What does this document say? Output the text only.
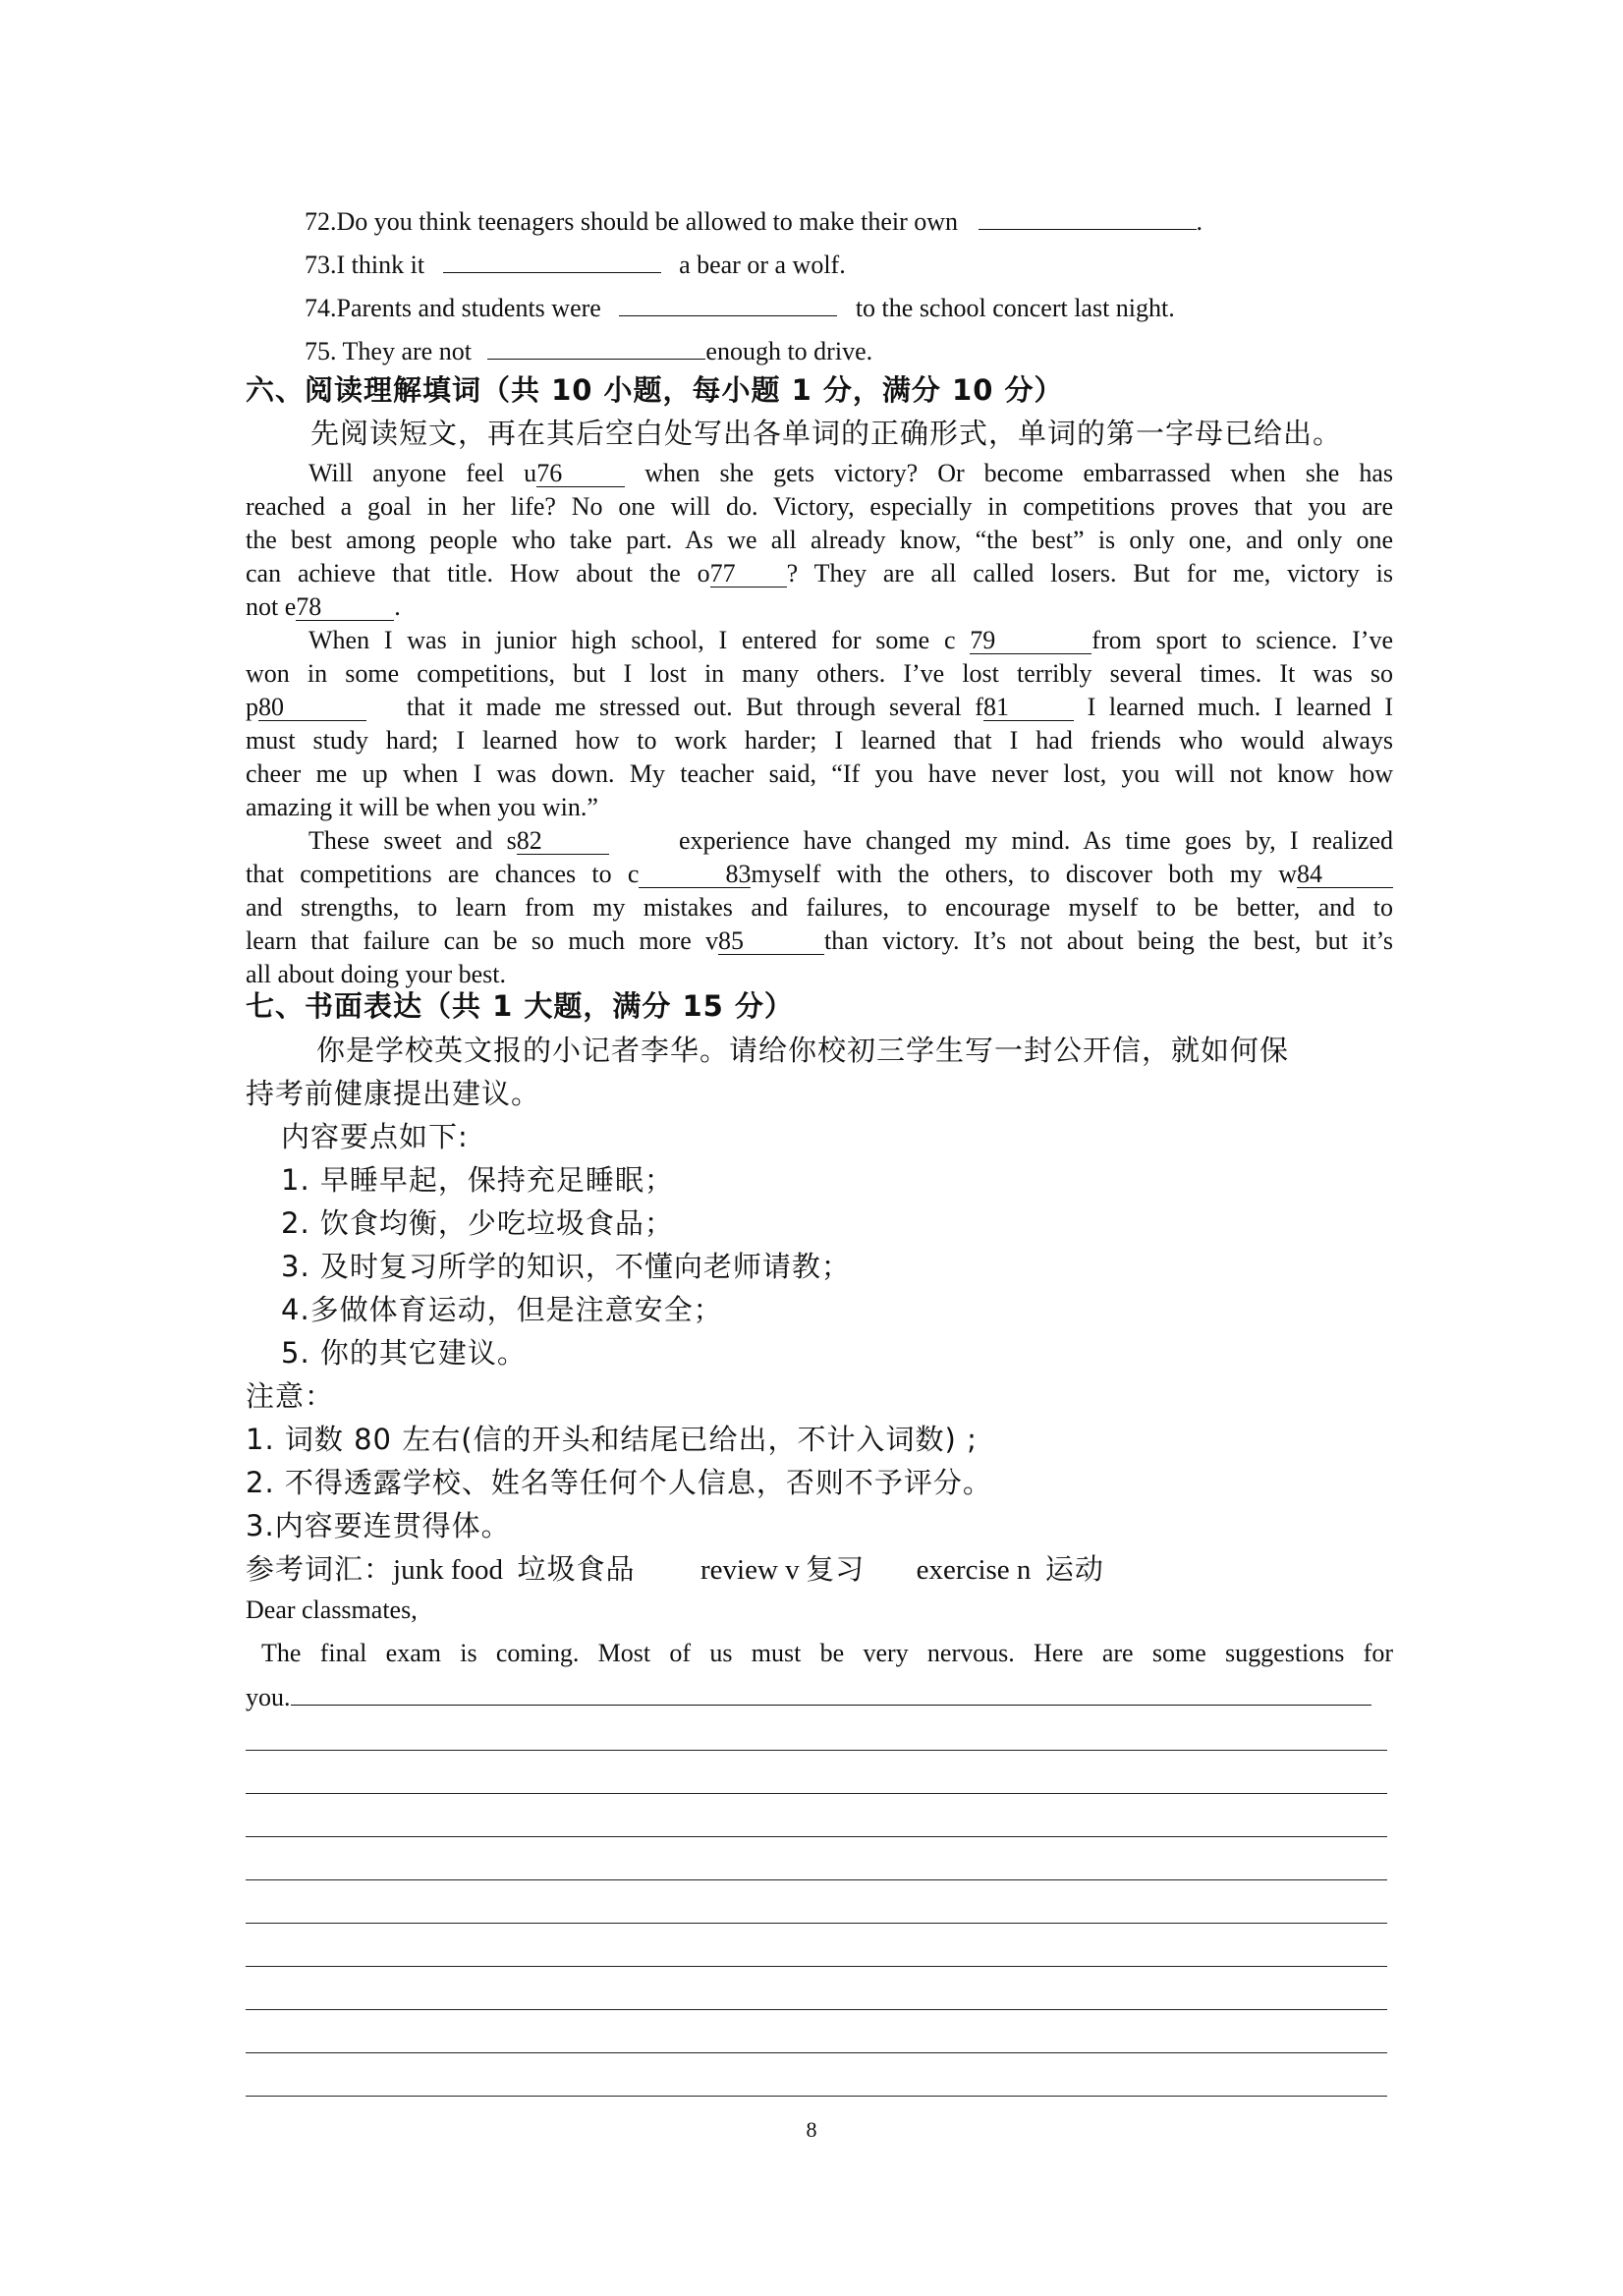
72.Do you think teenagers should be allowed to make their own	.
73.I think it	a bear or a wolf.
74.Parents and students were	to the school concert last night.
75. They are not	enough to drive.
六、阅读理解填词（共 10 小题，每小题 1 分，满分 10 分）
先阅读短文，再在其后空白处写出各单词的正确形式，单词的第一字母已给出。
Will anyone feel u76	when she gets victory? Or become embarrassed when she has
reached a goal in her life? No one will do. Victory, especially in competitions proves that you are
the best among people who take part. As we all already know, “the best” is only one, and only one
can achieve that title. How about the o77 ? They are all called losers. But for me, victory is
not e78	.
When I was in junior high school, I entered for some c 79	from sport to science. I’ve
won in some competitions, but I lost in many others. I’ve lost terribly several times. It was so
p80	that it made me stressed out. But through several f81	I learned much. I learned I
must study hard; I learned how to work harder; I learned that I had friends who would always
cheer me up when I was down. My teacher said, “If you have never lost, you will not know how
amazing it will be when you win.”
These sweet and s82	experience have changed my mind. As time goes by, I realized
that competitions are chances to c	83myself with the others, to discover both my w84
and strengths, to learn from my mistakes and failures, to encourage myself to be better, and to
learn that failure can be so much more v85	than victory. It’s not about being the best, but it’s
all about doing your best.
七、书面表达（共 1 大题，满分 15 分）
你是学校英文报的小记者李华。请给你校初三学生写一封公开信，就如何保
持考前健康提出建议。
内容要点如下:
1. 早睡早起，保持充足睡眠；
2. 饮食均衡，少吃垃圾食品；
3. 及时复习所学的知识，不懂向老师请教；
4.多做体育运动，但是注意安全；
5. 你的其它建议。
注意：
1. 词数 80 左右(信的开头和结尾已给出，不计入词数) ;
2. 不得透露学校、姓名等任何个人信息，否则不予评分。
3.内容要连贯得体。
参考词汇：junk food 垃圾食品 review v 复习 exercise n 运动
Dear classmates,
The final exam is coming. Most of us must be very nervous. Here are some suggestions for
you.
8
